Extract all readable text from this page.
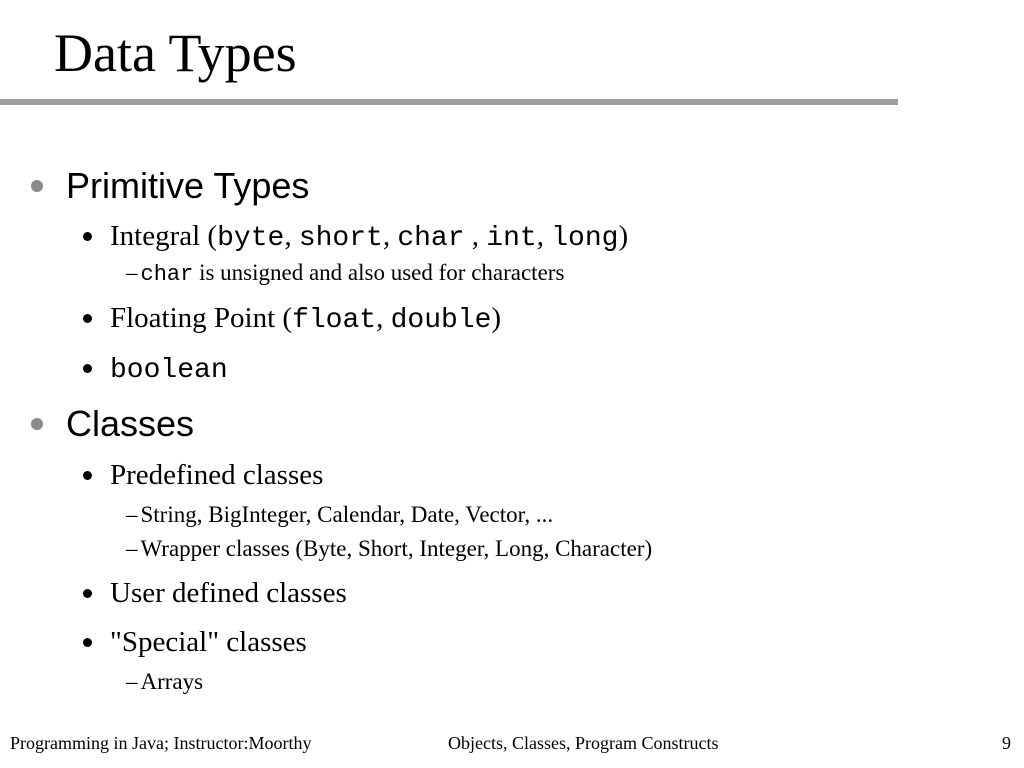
Data Types
Primitive Types
Integral (byte, short, char , int, long)
– char is unsigned and also used for characters
Floating Point (float, double)
boolean
Classes
Predefined classes
– String, BigInteger, Calendar, Date, Vector, ...
– Wrapper classes (Byte, Short, Integer, Long, Character)
User defined classes
"Special" classes
– Arrays
Programming in Java; Instructor:Moorthy	Objects, Classes, Program Constructs	9
